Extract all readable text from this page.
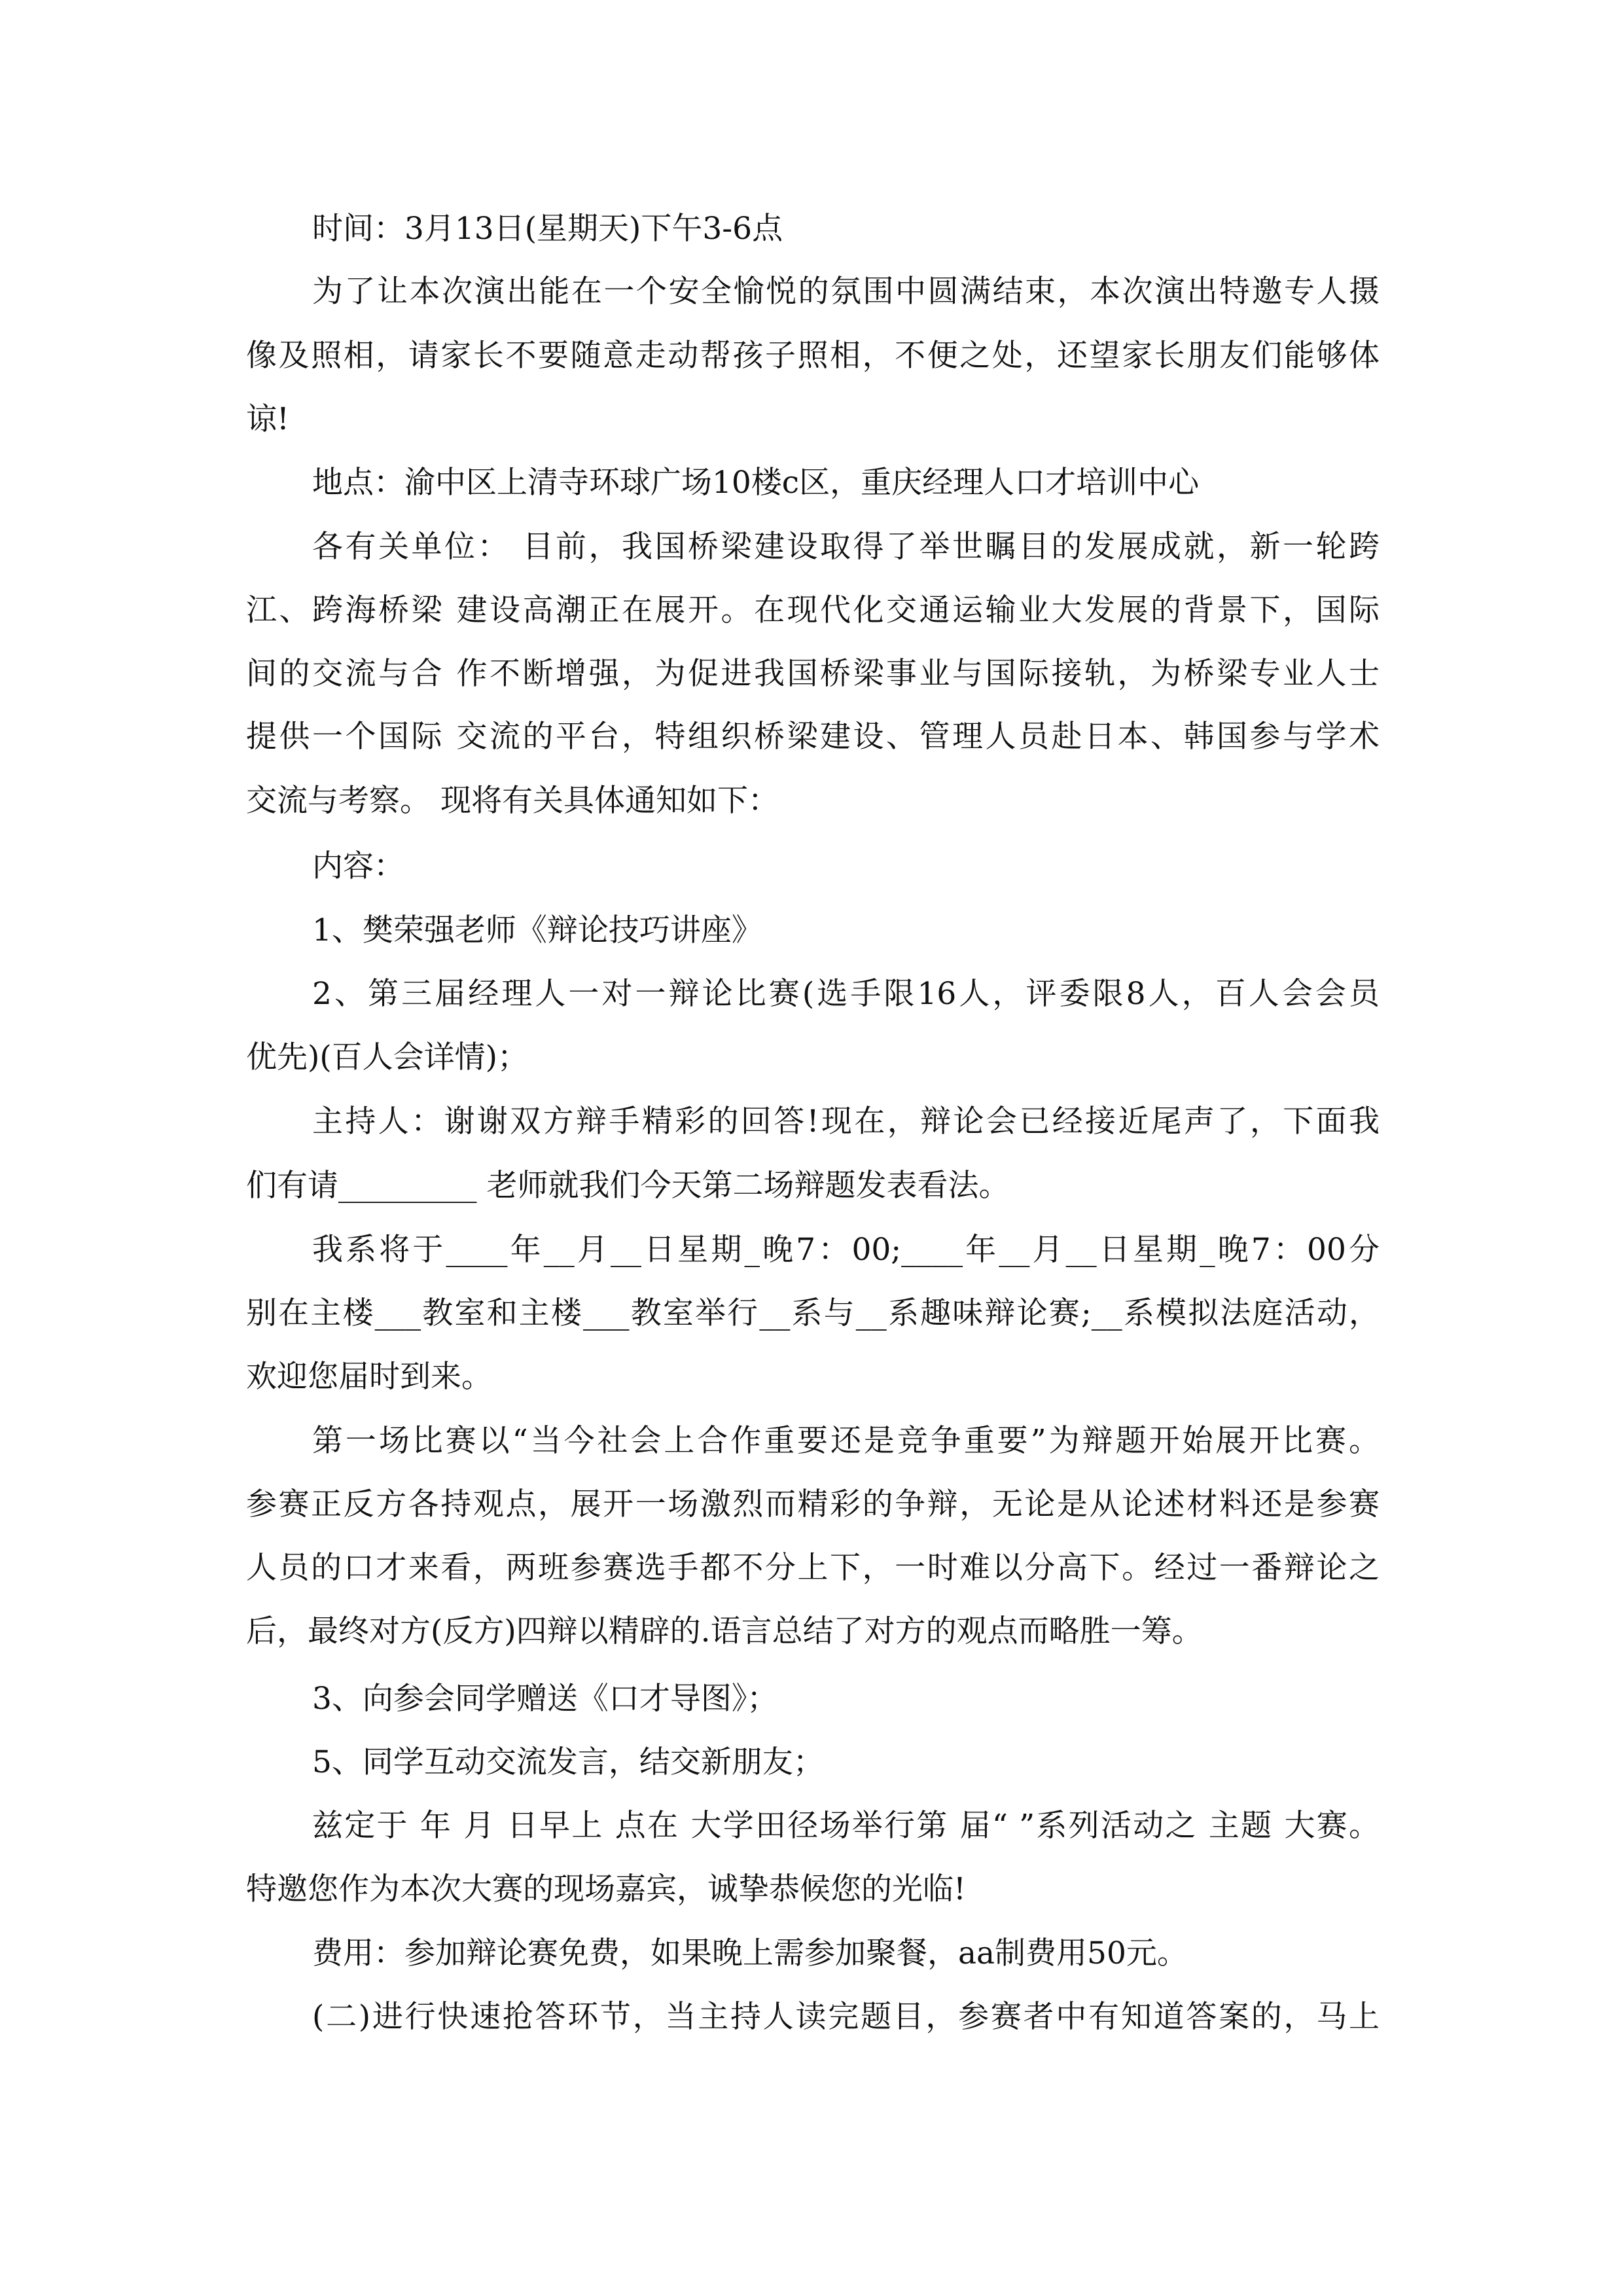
时间：3月13日(星期天)下午3-6点
为了让本次演出能在一个安全愉悦的氛围中圆满结束，本次演出特邀专人摄
像及照相，请家长不要随意走动帮孩子照相，不便之处，还望家长朋友们能够体
谅!
地点：渝中区上清寺环球广场10楼c区，重庆经理人口才培训中心
各有关单位： 目前，我国桥梁建设取得了举世瞩目的发展成就，新一轮跨
江、跨海桥梁 建设高潮正在展开。在现代化交通运输业大发展的背景下，国际
间的交流与合 作不断增强，为促进我国桥梁事业与国际接轨，为桥梁专业人士
提供一个国际 交流的平台，特组织桥梁建设、管理人员赴日本、韩国参与学术
交流与考察。 现将有关具体通知如下：
内容：
1、樊荣强老师《辩论技巧讲座》
2、第三届经理人一对一辩论比赛(选手限16人，评委限8人，百人会会员
优先)(百人会详情)；
主持人：谢谢双方辩手精彩的回答!现在，辩论会已经接近尾声了，下面我
们有请_________ 老师就我们今天第二场辩题发表看法。
我系将于____年__月__日星期_晚7：00;____年__月__日星期_晚7：00分
别在主楼___教室和主楼___教室举行__系与__系趣味辩论赛;__系模拟法庭活动，
欢迎您届时到来。
第一场比赛以“当今社会上合作重要还是竞争重要”为辩题开始展开比赛。
参赛正反方各持观点，展开一场激烈而精彩的争辩，无论是从论述材料还是参赛
人员的口才来看，两班参赛选手都不分上下，一时难以分高下。经过一番辩论之
后，最终对方(反方)四辩以精辟的.语言总结了对方的观点而略胜一筹。
3、向参会同学赠送《口才导图》；
5、同学互动交流发言，结交新朋友；
兹定于 年 月 日早上 点在 大学田径场举行第 届“ ”系列活动之 主题 大赛。
特邀您作为本次大赛的现场嘉宾，诚挚恭候您的光临!
费用：参加辩论赛免费，如果晚上需参加聚餐，aa制费用50元。
(二)进行快速抢答环节，当主持人读完题目，参赛者中有知道答案的，马上
